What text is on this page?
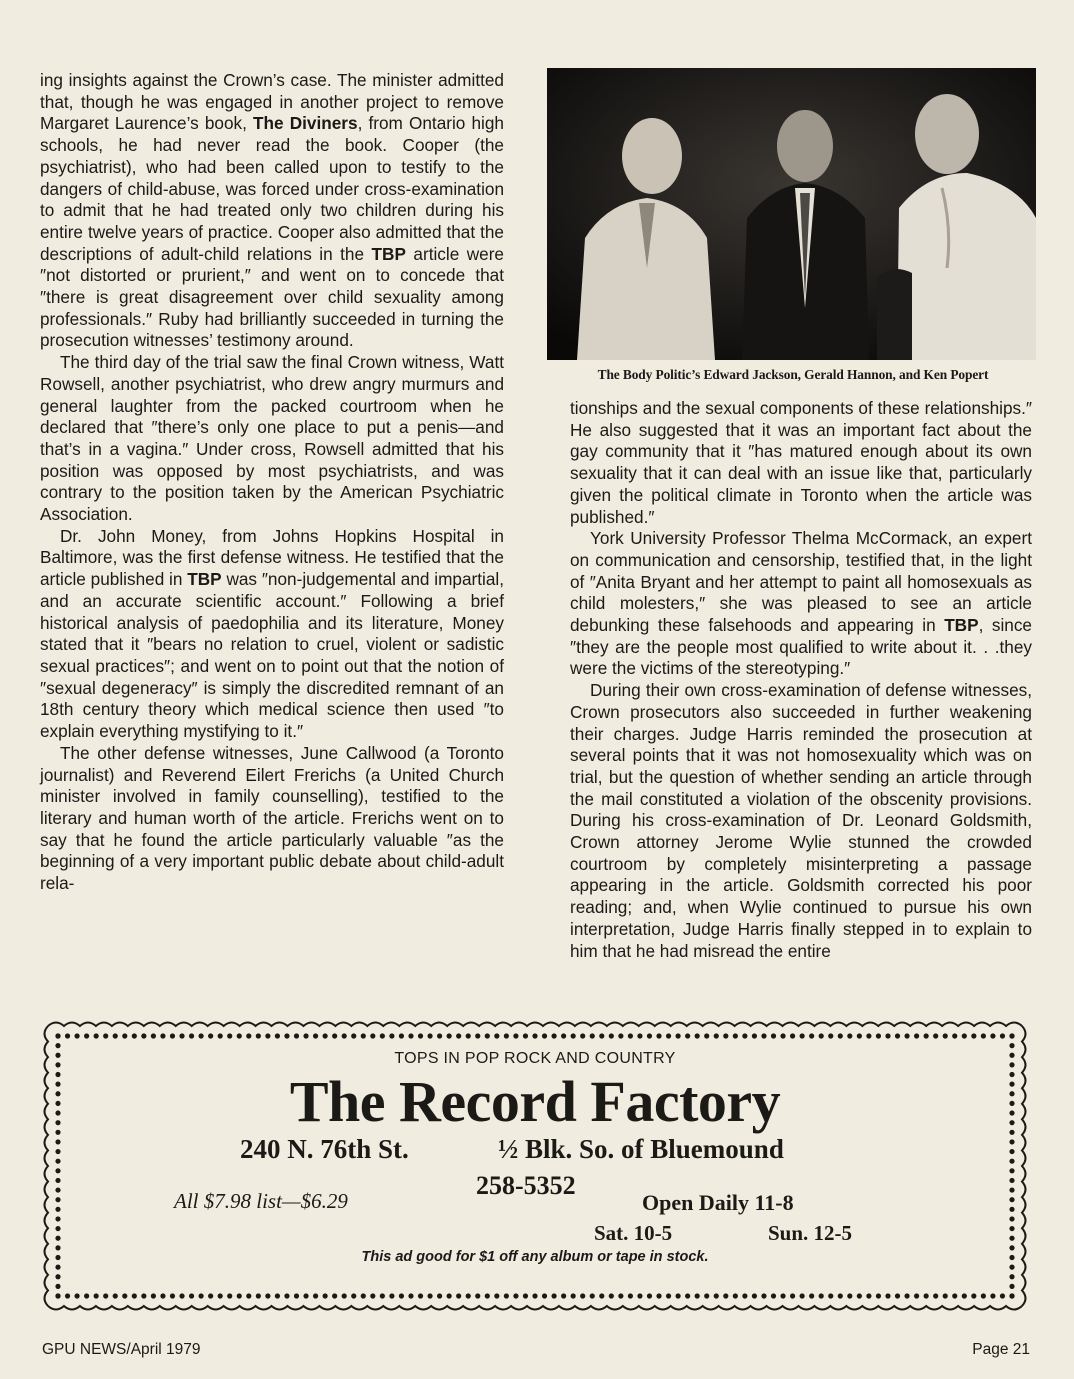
ing insights against the Crown’s case. The minister admitted that, though he was engaged in another project to remove Margaret Laurence’s book, The Diviners, from Ontario high schools, he had never read the book. Cooper (the psychiatrist), who had been called upon to testify to the dangers of child-abuse, was forced under cross-examination to admit that he had treated only two children during his entire twelve years of practice. Cooper also admitted that the descriptions of adult-child relations in the TBP article were ″not distorted or prurient,″ and went on to concede that ″there is great disagreement over child sexuality among professionals.″ Ruby had brilliantly succeeded in turning the prosecution witnesses’ testimony around.

The third day of the trial saw the final Crown witness, Watt Rowsell, another psychiatrist, who drew angry murmurs and general laughter from the packed courtroom when he declared that ″there’s only one place to put a penis—and that’s in a vagina.″ Under cross, Rowsell admitted that his position was opposed by most psychiatrists, and was contrary to the position taken by the American Psychiatric Association.

Dr. John Money, from Johns Hopkins Hospital in Baltimore, was the first defense witness. He testified that the article published in TBP was ″non-judgemental and impartial, and an accurate scientific account.″ Following a brief historical analysis of paedophilia and its literature, Money stated that it ″bears no relation to cruel, violent or sadistic sexual practices″; and went on to point out that the notion of ″sexual degeneracy″ is simply the discredited remnant of an 18th century theory which medical science then used ″to explain everything mystifying to it.″

The other defense witnesses, June Callwood (a Toronto journalist) and Reverend Eilert Frerichs (a United Church minister involved in family counselling), testified to the literary and human worth of the article. Frerichs went on to say that he found the article particularly valuable ″as the beginning of a very important public debate about child-adult rela-

The Body Politic’s Edward Jackson, Gerald Hannon, and Ken Popert

tionships and the sexual components of these relationships.″ He also suggested that it was an important fact about the gay community that it ″has matured enough about its own sexuality that it can deal with an issue like that, particularly given the political climate in Toronto when the article was published.″

York University Professor Thelma McCormack, an expert on communication and censorship, testified that, in the light of ″Anita Bryant and her attempt to paint all homosexuals as child molesters,″ she was pleased to see an article debunking these falsehoods and appearing in TBP, since ″they are the people most qualified to write about it. . .they were the victims of the stereotyping.″

During their own cross-examination of defense witnesses, Crown prosecutors also succeeded in further weakening their charges. Judge Harris reminded the prosecution at several points that it was not homosexuality which was on trial, but the question of whether sending an article through the mail constituted a violation of the obscenity provisions. During his cross-examination of Dr. Leonard Goldsmith, Crown attorney Jerome Wylie stunned the crowded courtroom by completely misinterpreting a passage appearing in the article. Goldsmith corrected his poor reading; and, when Wylie continued to pursue his own interpretation, Judge Harris finally stepped in to explain to him that he had misread the entire

TOPS IN POP ROCK AND COUNTRY
The Record Factory
240 N. 76th St.	½ Blk. So. of Bluemound
All $7.98 list—$6.29
258-5352
Open Daily 11-8
Sat. 10-5	Sun. 12-5
This ad good for $1 off any album or tape in stock.
GPU NEWS/April 1979	Page 21
